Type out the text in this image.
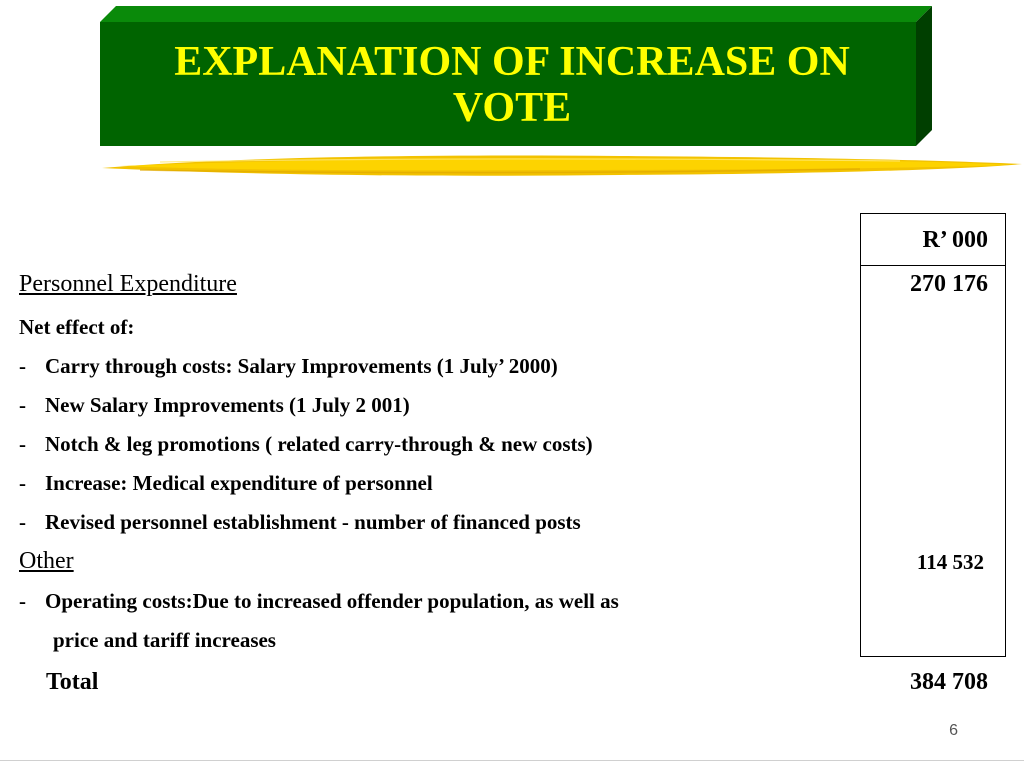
EXPLANATION OF INCREASE ON
VOTE
R’ 000
Personnel Expenditure	270 176
Net effect of:
- Carry through costs: Salary Improvements (1 July’ 2000)
- New Salary Improvements (1 July 2 001)
- Notch & leg promotions ( related carry-through & new costs)
- Increase: Medical expenditure of personnel
- Revised personnel establishment - number of financed posts
Other	114 532
- Operating costs:Due to increased offender population, as well as
price and tariff increases
Total	384 708
6
